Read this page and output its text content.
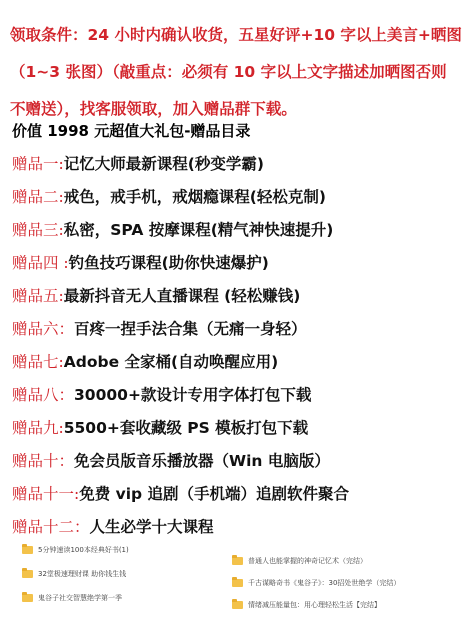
领取条件：24 小时内确认收货，五星好评+10 字以上美言+晒图
（1~3 张图）（敲重点：必须有 10 字以上文字描述加晒图否则
不赠送），找客服领取，加入赠品群下载。
价值 1998 元超值大礼包-赠品目录
赠品一:记忆大师最新课程(秒变学霸)
赠品二:戒色，戒手机，戒烟瘾课程(轻松克制)
赠品三:私密，SPA 按摩课程(精气神快速提升)
赠品四 :钓鱼技巧课程(助你快速爆护)
赠品五:最新抖音无人直播课程 (轻松赚钱)
赠品六：百疼一捏手法合集（无痛一身轻）
赠品七:Adobe 全家桶(自动唤醒应用)
赠品八：30000+款设计专用字体打包下载
赠品九:5500+套收藏级 PS 模板打包下载
赠品十：免会员版音乐播放器（Win 电脑版）
赠品十一:免费 vip 追剧（手机端）追剧软件聚合
赠品十二：人生必学十大课程
5分钟速读100本经典好书(1)
32堂极速理财课 助你钱生钱
鬼谷子社交智慧绝学第一季
普通人也能掌握的神奇记忆术（完结）
千古谋略奇书《鬼谷子》：30招处世绝学（完结）
情绪减压能量包：用心理轻松生活【完结】
